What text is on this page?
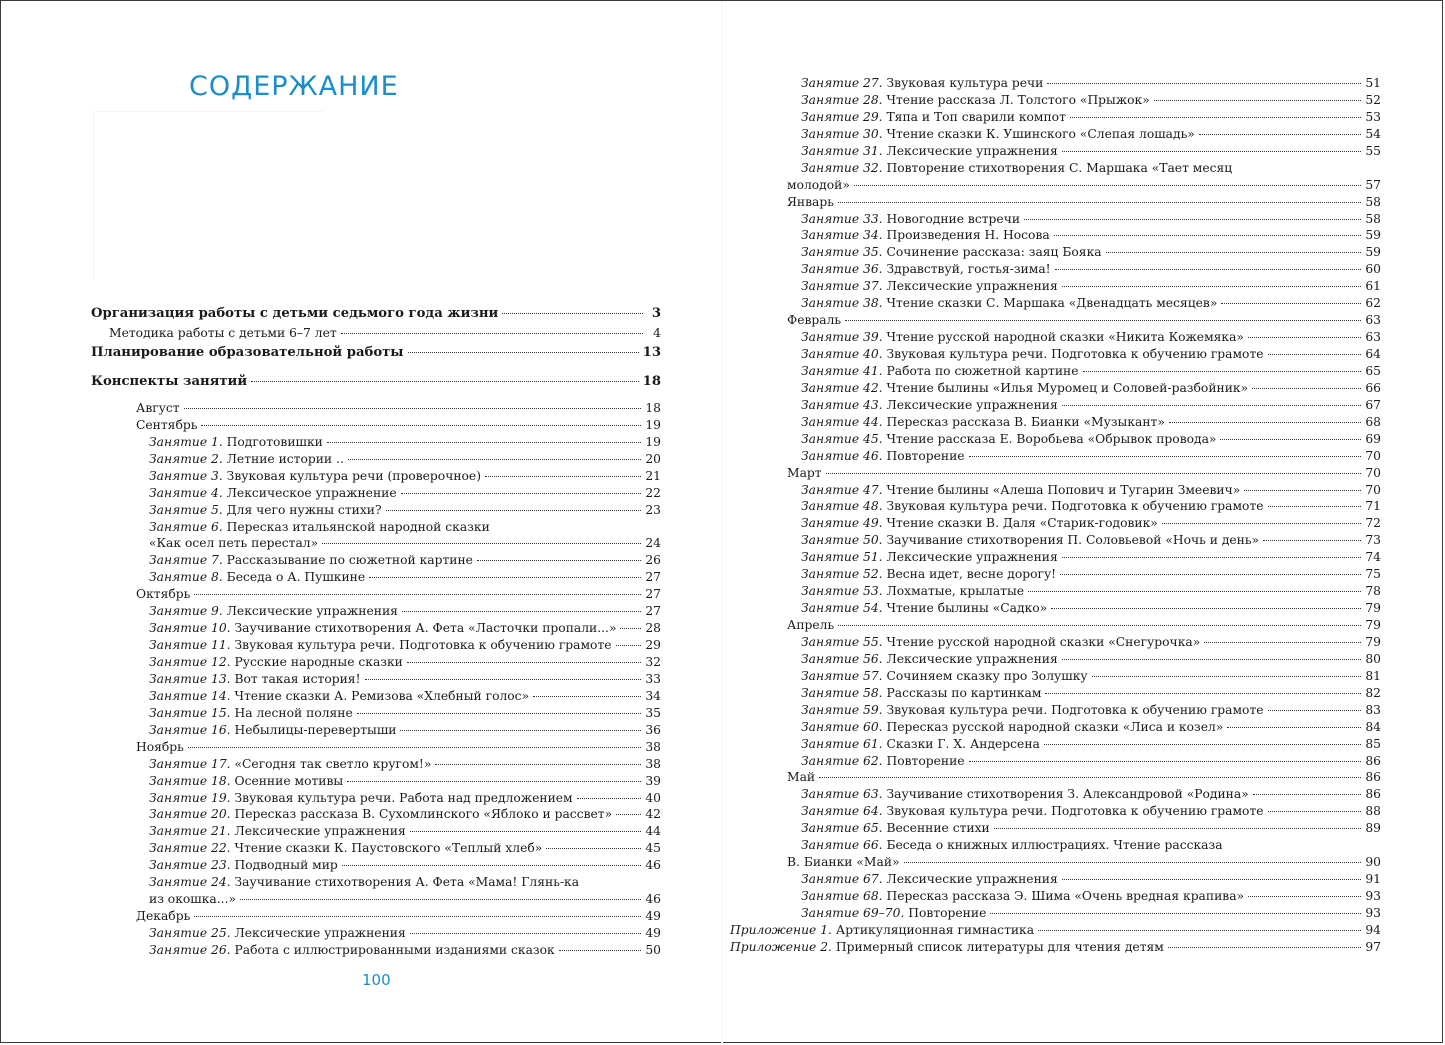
СОДЕРЖАНИЕ
Организация работы с детьми седьмого года жизни	3
Методика работы с детьми 6–7 лет	4
Планирование образовательной работы	13
Конспекты занятий	18
Август	18
Сентябрь	19
Занятие 1. Подготовишки	19
Занятие 2. Летние истории ..	20
Занятие 3. Звуковая культура речи (проверочное)	21
Занятие 4. Лексическое упражнение	22
Занятие 5. Для чего нужны стихи?	23
Занятие 6. Пересказ итальянской народной сказки
«Как осел петь перестал»	24
Занятие 7. Рассказывание по сюжетной картине	26
Занятие 8. Беседа о А. Пушкине	27
Октябрь	27
Занятие 9. Лексические упражнения	27
Занятие 10. Заучивание стихотворения А. Фета «Ласточки пропали...» 28
Занятие 11. Звуковая культура речи. Подготовка к обучению грамоте	29
Занятие 12. Русские народные сказки	32
Занятие 13. Вот такая история!	33
Занятие 14. Чтение сказки А. Ремизова «Хлебный голос»	34
Занятие 15. На лесной поляне	35
Занятие 16. Небылицы-перевертыши	36
Ноябрь	38
Занятие 17. «Сегодня так светло кругом!»	38
Занятие 18. Осенние мотивы	39
Занятие 19. Звуковая культура речи. Работа над предложением	40
Занятие 20. Пересказ рассказа В. Сухомлинского «Яблоко и рассвет»	42
Занятие 21. Лексические упражнения	44
Занятие 22. Чтение сказки К. Паустовского «Теплый хлеб»	45
Занятие 23. Подводный мир	46
Занятие 24. Заучивание стихотворения А. Фета «Мама! Глянь-ка
из окошка...»	46
Декабрь	49
Занятие 25. Лексические упражнения	49
Занятие 26. Работа с иллюстрированными изданиями сказок	50
100
Занятие 27. Звуковая культура речи	51
Занятие 28. Чтение рассказа Л. Толстого «Прыжок»	52
Занятие 29. Тяпа и Топ сварили компот	53
Занятие 30. Чтение сказки К. Ушинского «Слепая лошадь»	54
Занятие 31. Лексические упражнения	55
Занятие 32. Повторение стихотворения С. Маршака «Тает месяц
молодой»	57
Январь	58
Занятие 33. Новогодние встречи	58
Занятие 34. Произведения Н. Носова	59
Занятие 35. Сочинение рассказа: заяц Бояка	59
Занятие 36. Здравствуй, гостья-зима!	60
Занятие 37. Лексические упражнения	61
Занятие 38. Чтение сказки С. Маршака «Двенадцать месяцев»	62
Февраль	63
Занятие 39. Чтение русской народной сказки «Никита Кожемяка»	63
Занятие 40. Звуковая культура речи. Подготовка к обучению грамоте	64
Занятие 41. Работа по сюжетной картине	65
Занятие 42. Чтение былины «Илья Муромец и Соловей-разбойник»	66
Занятие 43. Лексические упражнения	67
Занятие 44. Пересказ рассказа В. Бианки «Музыкант»	68
Занятие 45. Чтение рассказа Е. Воробьева «Обрывок провода»	69
Занятие 46. Повторение	70
Март	70
Занятие 47. Чтение былины «Алеша Попович и Тугарин Змеевич»	70
Занятие 48. Звуковая культура речи. Подготовка к обучению грамоте	71
Занятие 49. Чтение сказки В. Даля «Старик-годовик»	72
Занятие 50. Заучивание стихотворения П. Соловьевой «Ночь и день»	73
Занятие 51. Лексические упражнения	74
Занятие 52. Весна идет, весне дорогу!	75
Занятие 53. Лохматые, крылатые	78
Занятие 54. Чтение былины «Садко»	79
Апрель	79
Занятие 55. Чтение русской народной сказки «Снегурочка»	79
Занятие 56. Лексические упражнения	80
Занятие 57. Сочиняем сказку про Золушку	81
Занятие 58. Рассказы по картинкам	82
Занятие 59. Звуковая культура речи. Подготовка к обучению грамоте	83
Занятие 60. Пересказ русской народной сказки «Лиса и козел»	84
Занятие 61. Сказки Г. Х. Андерсена	85
Занятие 62. Повторение	86
Май	86
Занятие 63. Заучивание стихотворения З. Александровой «Родина»	86
Занятие 64. Звуковая культура речи. Подготовка к обучению грамоте	88
Занятие 65. Весенние стихи	89
Занятие 66. Беседа о книжных иллюстрациях. Чтение рассказа
В. Бианки «Май»	90
Занятие 67. Лексические упражнения	91
Занятие 68. Пересказ рассказа Э. Шима «Очень вредная крапива»	93
Занятие 69–70. Повторение	93
Приложение 1. Артикуляционная гимнастика	94
Приложение 2. Примерный список литературы для чтения детям	97
